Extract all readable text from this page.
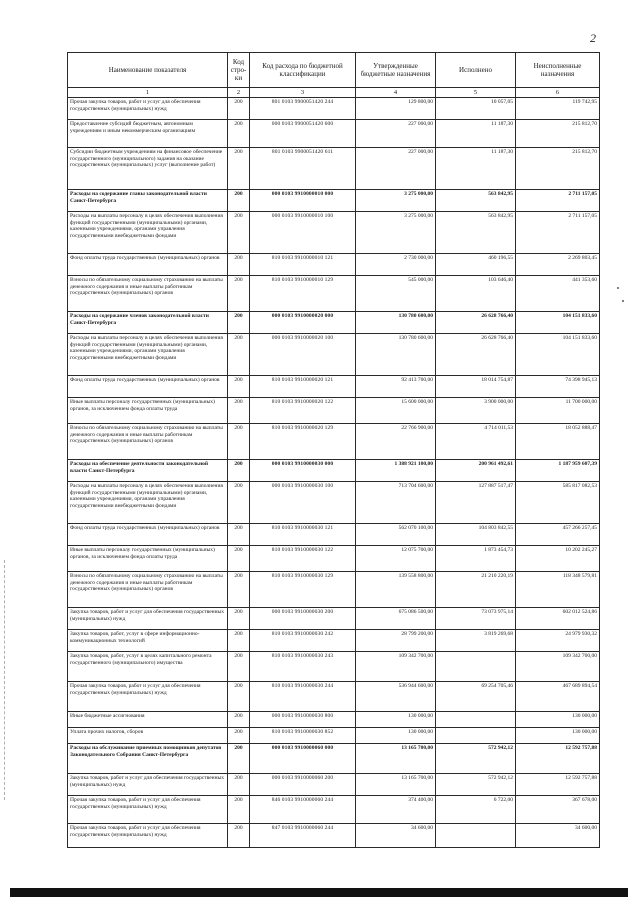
2
Наименование показателя	Код стро-ки	Код расхода по бюджетной классификации	Утвержденные бюджетные назначения	Исполнено	Неисполненные назначения
1	2	3	4	5	6
Прочая закупка товаров, работ и услуг для обеспечения государственных (муниципальных) нужд	200	801 0103 9900051420 244	129 800,00	10 057,05	119 742,95
Предоставление субсидий бюджетным, автономным учреждениям и иным некоммерческим организациям	200	000 0103 9900051420 600	227 000,00	11 187,30	215 812,70
Субсидии бюджетным учреждениям на финансовое обеспечение государственного (муниципального) задания на оказание государственных (муниципальных) услуг (выполнение работ)	200	801 0103 9900051420 611	227 000,00	11 187,30	215 812,70
Расходы на содержание главы законодательной власти Санкт-Петербурга	200	000 0103 9910000010 000	3 275 000,00	563 842,95	2 711 157,05
Расходы на выплаты персоналу в целях обеспечения выполнения функций государственными (муниципальными) органами, казенными учреждениями, органами управления государственными внебюджетными фондами	200	000 0103 9910000010 100	3 275 000,00	563 842,95	2 711 157,05
Фонд оплаты труда государственных (муниципальных) органов	200	810 0103 9910000010 121	2 730 000,00	460 196,55	2 269 803,45
Взносы по обязательному социальному страхованию на выплаты денежного содержания и иные выплаты работникам государственных (муниципальных) органов	200	810 0103 9910000010 129	545 000,00	103 646,40	441 353,60
Расходы на содержание членов законодательной власти Санкт-Петербурга	200	000 0103 9910000020 000	130 780 600,00	26 628 766,40	104 151 833,60
Расходы на выплаты персоналу в целях обеспечения выполнения функций государственными (муниципальными) органами, казенными учреждениями, органами управления государственными внебюджетными фондами	200	000 0103 9910000020 100	130 780 600,00	26 628 766,40	104 151 833,60
Фонд оплаты труда государственных (муниципальных) органов	200	810 0103 9910000020 121	92 413 700,00	18 014 754,87	74 398 945,13
Иные выплаты персоналу государственных (муниципальных) органов, за исключением фонда оплаты труда	200	810 0103 9910000020 122	15 600 000,00	3 900 000,00	11 700 000,00
Взносы по обязательному социальному страхованию на выплаты денежного содержания и иные выплаты работникам государственных (муниципальных) органов	200	810 0103 9910000020 129	22 766 900,00	4 714 011,53	18 052 888,47
Расходы на обеспечение деятельности законодательной власти Санкт-Петербурга	200	000 0103 9910000030 000	1 388 921 100,00	200 961 492,61	1 187 959 607,39
Расходы на выплаты персоналу в целях обеспечения выполнения функций государственными (муниципальными) органами, казенными учреждениями, органами управления государственными внебюджетными фондами	200	000 0103 9910000030 100	713 704 600,00	127 887 517,47	585 817 082,53
Фонд оплаты труда государственных (муниципальных) органов	200	810 0103 9910000030 121	562 070 100,00	104 803 842,55	457 266 257,45
Иные выплаты персоналу государственных (муниципальных) органов, за исключением фонда оплаты труда	200	810 0103 9910000030 122	12 075 700,00	1 873 454,73	10 202 245,27
Взносы по обязательному социальному страхованию на выплаты денежного содержания и иные выплаты работникам государственных (муниципальных) органов	200	810 0103 9910000030 129	139 558 800,00	21 210 220,19	118 348 579,81
Закупка товаров, работ и услуг для обеспечения государственных (муниципальных) нужд	200	000 0103 9910000030 200	675 086 500,00	73 073 975,14	602 012 524,86
Закупка товаров, работ, услуг в сфере информационно-коммуникационных технологий	200	810 0103 9910000030 242	28 799 200,00	3 819 269,68	24 979 930,32
Закупка товаров, работ, услуг в целях капитального ремонта государственного (муниципального) имущества	200	810 0103 9910000030 243	109 342 700,00		109 342 700,00
Прочая закупка товаров, работ и услуг для обеспечения государственных (муниципальных) нужд	200	810 0103 9910000030 244	536 944 600,00	69 254 705,46	467 689 894,54
Иные бюджетные ассигнования	200	000 0103 9910000030 800	130 000,00		130 000,00
Уплата прочих налогов, сборов	200	810 0103 9910000030 852	130 000,00		130 000,00
Расходы на обслуживание приемных помощников депутатов Законодательного Собрания Санкт-Петербурга	200	000 0103 9910000060 000	13 165 700,00	572 942,12	12 592 757,88
Закупка товаров, работ и услуг для обеспечения государственных (муниципальных) нужд	200	000 0103 9910000060 200	13 165 700,00	572 942,12	12 592 757,88
Прочая закупка товаров, работ и услуг для обеспечения государственных (муниципальных) нужд	200	846 0103 9910000060 244	374 400,00	6 722,00	367 678,00
Прочая закупка товаров, работ и услуг для обеспечения государственных (муниципальных) нужд	200	847 0103 9910000060 244	34 600,00		34 600,00
